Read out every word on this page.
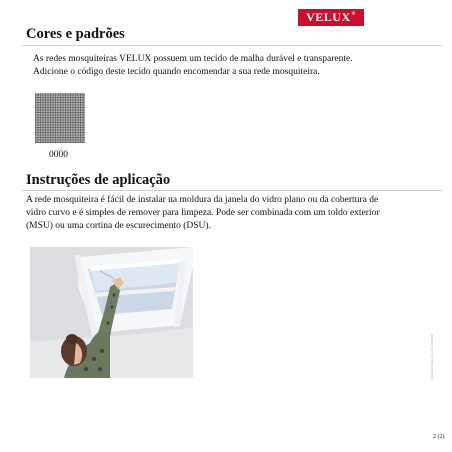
VELUX ®
Cores e padrões

As redes mosquiteiras VELUX possuem um tecido de malha durável e transparente.

Adicione o código deste tecido quando encomendar a sua rede mosquiteira.

0000
Instruções de aplicação

A rede mosquiteira é fácil de instalar na moldura da janela do vidro plano ou da cobertura de

vidro curvo e é simples de remover para limpeza. Pode ser combinada com um toldo exterior

(MSU) ou uma cortina de escurecimento (DSU).

Conteúdo válido a 2013-01-10T09:00
2 (2)
